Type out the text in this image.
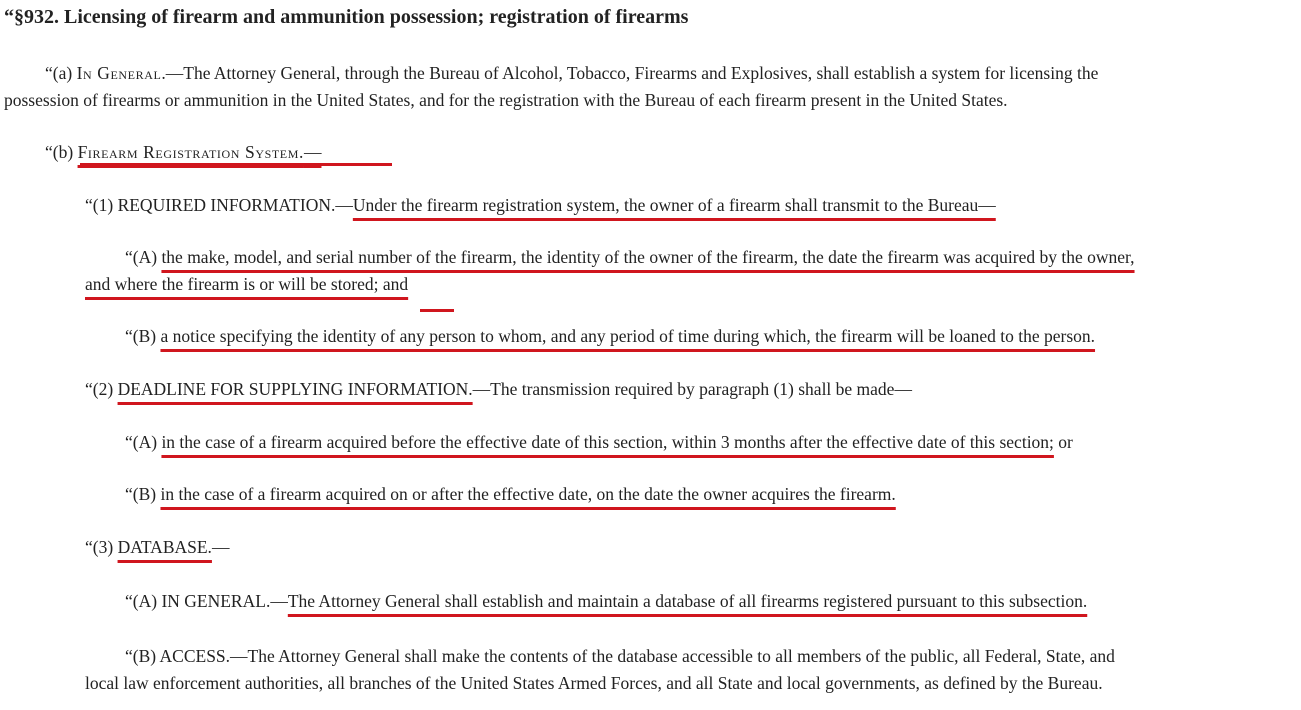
“§932. Licensing of firearm and ammunition possession; registration of firearms
“(a) In General.—The Attorney General, through the Bureau of Alcohol, Tobacco, Firearms and Explosives, shall establish a system for licensing the
possession of firearms or ammunition in the United States, and for the registration with the Bureau of each firearm present in the United States.
“(b) Firearm Registration System.—
“(1) REQUIRED INFORMATION.—Under the firearm registration system, the owner of a firearm shall transmit to the Bureau—
“(A) the make, model, and serial number of the firearm, the identity of the owner of the firearm, the date the firearm was acquired by the owner,
and where the firearm is or will be stored; and
“(B) a notice specifying the identity of any person to whom, and any period of time during which, the firearm will be loaned to the person.
“(2) DEADLINE FOR SUPPLYING INFORMATION.—The transmission required by paragraph (1) shall be made—
“(A) in the case of a firearm acquired before the effective date of this section, within 3 months after the effective date of this section; or
“(B) in the case of a firearm acquired on or after the effective date, on the date the owner acquires the firearm.
“(3) DATABASE.—
“(A) IN GENERAL.—The Attorney General shall establish and maintain a database of all firearms registered pursuant to this subsection.
“(B) ACCESS.—The Attorney General shall make the contents of the database accessible to all members of the public, all Federal, State, and
local law enforcement authorities, all branches of the United States Armed Forces, and all State and local governments, as defined by the Bureau.
